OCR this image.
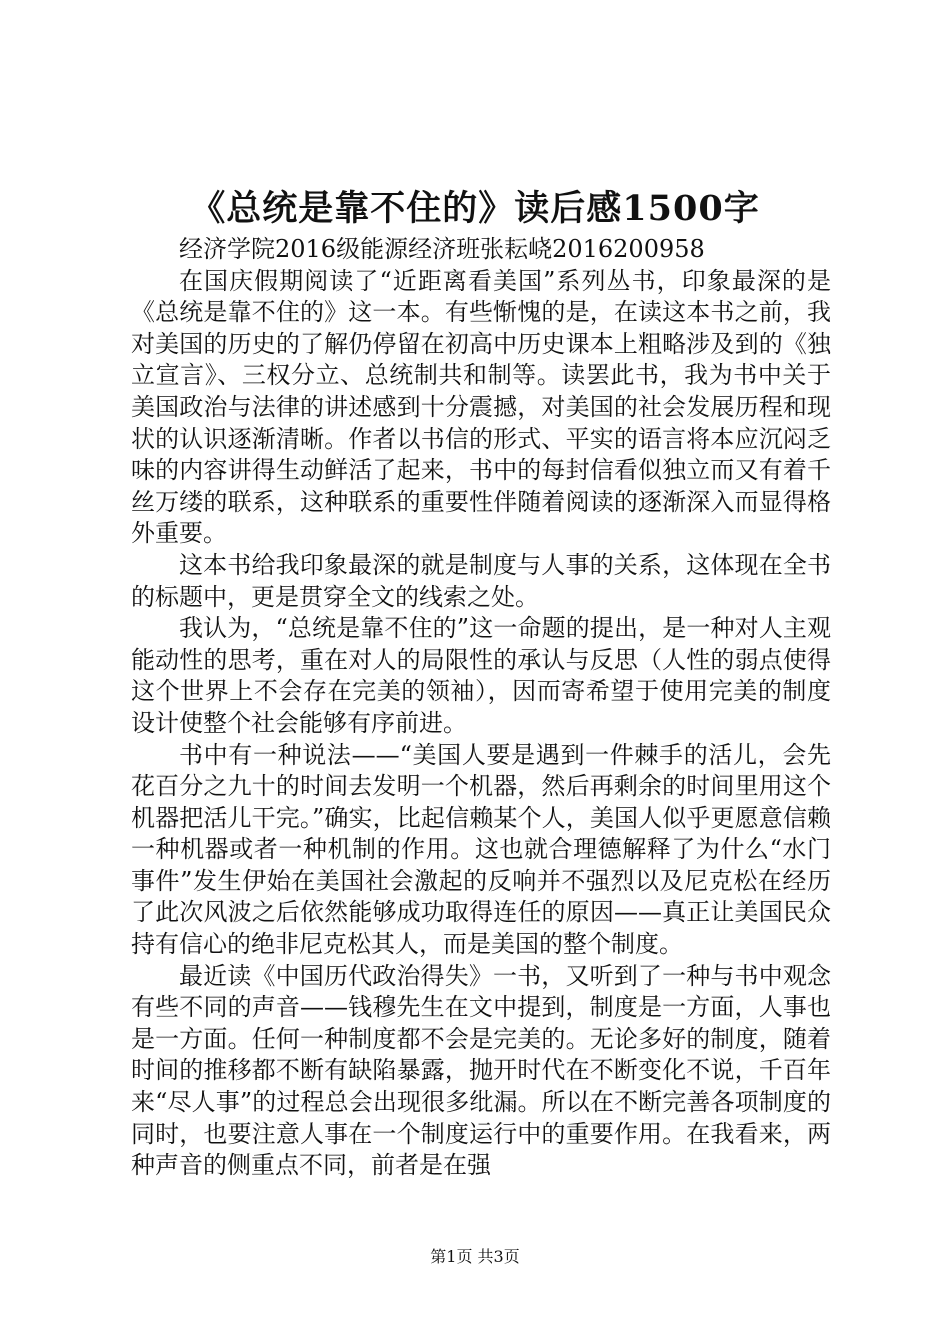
《总统是靠不住的》读后感1500字

经济学院2016级能源经济班张耘峣2016200958

在国庆假期阅读了“近距离看美国”系列丛书，印象最深的是《总统是靠不住的》这一本。有些惭愧的是，在读这本书之前，我对美国的历史的了解仍停留在初高中历史课本上粗略涉及到的《独立宣言》、三权分立、总统制共和制等。读罢此书，我为书中关于美国政治与法律的讲述感到十分震撼，对美国的社会发展历程和现状的认识逐渐清晰。作者以书信的形式、平实的语言将本应沉闷乏味的内容讲得生动鲜活了起来，书中的每封信看似独立而又有着千丝万缕的联系，这种联系的重要性伴随着阅读的逐渐深入而显得格外重要。

这本书给我印象最深的就是制度与人事的关系，这体现在全书的标题中，更是贯穿全文的线索之处。

我认为，“总统是靠不住的”这一命题的提出，是一种对人主观能动性的思考，重在对人的局限性的承认与反思（人性的弱点使得这个世界上不会存在完美的领袖），因而寄希望于使用完美的制度设计使整个社会能够有序前进。

书中有一种说法——“美国人要是遇到一件棘手的活儿，会先花百分之九十的时间去发明一个机器，然后再剩余的时间里用这个机器把活儿干完。”确实，比起信赖某个人，美国人似乎更愿意信赖一种机器或者一种机制的作用。这也就合理德解释了为什么“水门事件”发生伊始在美国社会激起的反响并不强烈以及尼克松在经历了此次风波之后依然能够成功取得连任的原因——真正让美国民众持有信心的绝非尼克松其人，而是美国的整个制度。

最近读《中国历代政治得失》一书，又听到了一种与书中观念有些不同的声音——钱穆先生在文中提到，制度是一方面，人事也是一方面。任何一种制度都不会是完美的。无论多好的制度，随着时间的推移都不断有缺陷暴露，抛开时代在不断变化不说，千百年来“尽人事”的过程总会出现很多纰漏。所以在不断完善各项制度的同时，也要注意人事在一个制度运行中的重要作用。在我看来，两种声音的侧重点不同，前者是在强

第1页 共3页
